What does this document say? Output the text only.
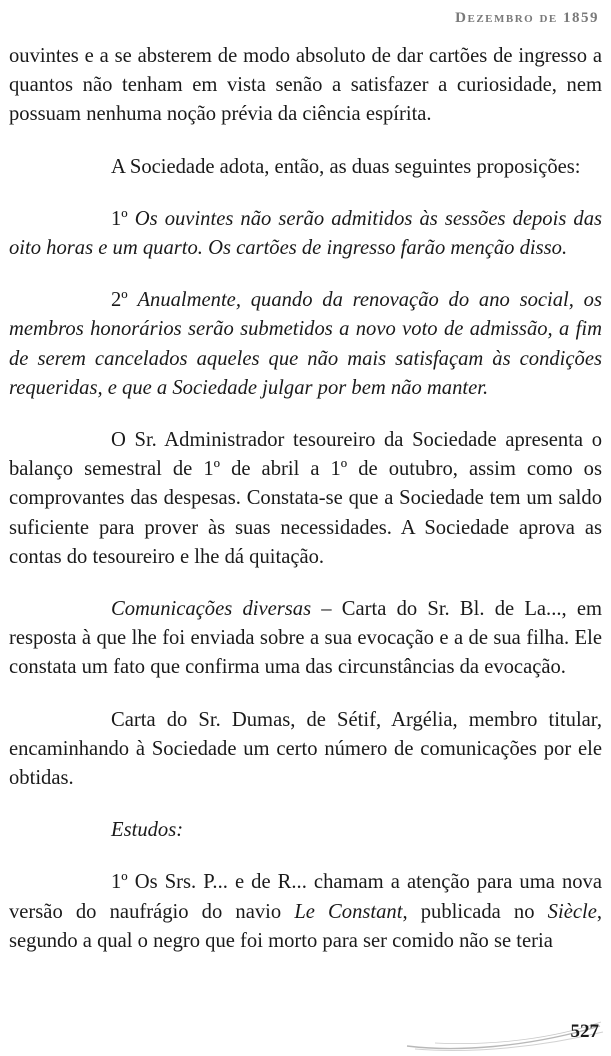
Dezembro de 1859

ouvintes e a se absterem de modo absoluto de dar cartões de ingresso a quantos não tenham em vista senão a satisfazer a curiosidade, nem possuam nenhuma noção prévia da ciência espírita.

A Sociedade adota, então, as duas seguintes proposições:

1º Os ouvintes não serão admitidos às sessões depois das oito horas e um quarto. Os cartões de ingresso farão menção disso.

2º Anualmente, quando da renovação do ano social, os membros honorários serão submetidos a novo voto de admissão, a fim de serem cancelados aqueles que não mais satisfaçam às condições requeridas, e que a Sociedade julgar por bem não manter.

O Sr. Administrador tesoureiro da Sociedade apresenta o balanço semestral de 1º de abril a 1º de outubro, assim como os comprovantes das despesas. Constata-se que a Sociedade tem um saldo suficiente para prover às suas necessidades. A Sociedade aprova as contas do tesoureiro e lhe dá quitação.

Comunicações diversas – Carta do Sr. Bl. de La..., em resposta à que lhe foi enviada sobre a sua evocação e a de sua filha. Ele constata um fato que confirma uma das circunstâncias da evocação.

Carta do Sr. Dumas, de Sétif, Argélia, membro titular, encaminhando à Sociedade um certo número de comunicações por ele obtidas.

Estudos:

1º Os Srs. P... e de R... chamam a atenção para uma nova versão do naufrágio do navio Le Constant, publicada no Siècle, segundo a qual o negro que foi morto para ser comido não se teria

527
